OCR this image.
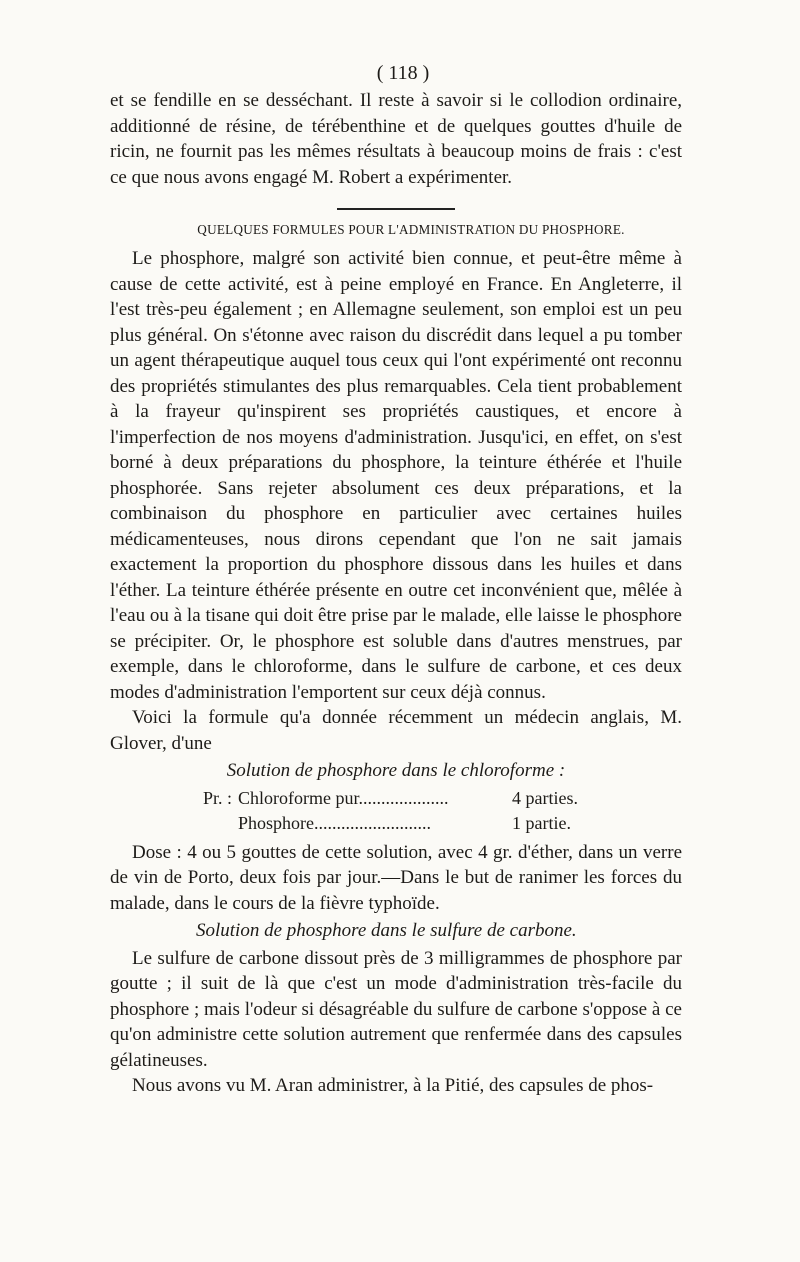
( 118 )

et se fendille en se desséchant. Il reste à savoir si le collodion ordinaire, additionné de résine, de térébenthine et de quelques gouttes d'huile de ricin, ne fournit pas les mêmes résultats à beaucoup moins de frais : c'est ce que nous avons engagé M. Robert a expérimenter.

QUELQUES FORMULES POUR L'ADMINISTRATION DU PHOSPHORE.

Le phosphore, malgré son activité bien connue, et peut-être même à cause de cette activité, est à peine employé en France. En Angleterre, il l'est très-peu également ; en Allemagne seulement, son emploi est un peu plus général. On s'étonne avec raison du discrédit dans lequel a pu tomber un agent thérapeutique auquel tous ceux qui l'ont expérimenté ont reconnu des propriétés stimulantes des plus remarquables. Cela tient probablement à la frayeur qu'inspirent ses propriétés caustiques, et encore à l'imperfection de nos moyens d'administration. Jusqu'ici, en effet, on s'est borné à deux préparations du phosphore, la teinture éthérée et l'huile phosphorée. Sans rejeter absolument ces deux préparations, et la combinaison du phosphore en particulier avec certaines huiles médicamenteuses, nous dirons cependant que l'on ne sait jamais exactement la proportion du phosphore dissous dans les huiles et dans l'éther. La teinture éthérée présente en outre cet inconvénient que, mêlée à l'eau ou à la tisane qui doit être prise par le malade, elle laisse le phosphore se précipiter. Or, le phosphore est soluble dans d'autres menstrues, par exemple, dans le chloroforme, dans le sulfure de carbone, et ces deux modes d'administration l'emportent sur ceux déjà connus.

Voici la formule qu'a donnée récemment un médecin anglais, M. Glover, d'une

Solution de phosphore dans le chloroforme :
Pr. : Chloroforme pur....................	4 parties.
Phosphore..........................	1 partie.

Dose : 4 ou 5 gouttes de cette solution, avec 4 gr. d'éther, dans un verre de vin de Porto, deux fois par jour.—Dans le but de ranimer les forces du malade, dans le cours de la fièvre typhoïde.

Solution de phosphore dans le sulfure de carbone.

Le sulfure de carbone dissout près de 3 milligrammes de phosphore par goutte ; il suit de là que c'est un mode d'administration très-facile du phosphore ; mais l'odeur si désagréable du sulfure de carbone s'oppose à ce qu'on administre cette solution autrement que renfermée dans des capsules gélatineuses.

Nous avons vu M. Aran administrer, à la Pitié, des capsules de phos-
